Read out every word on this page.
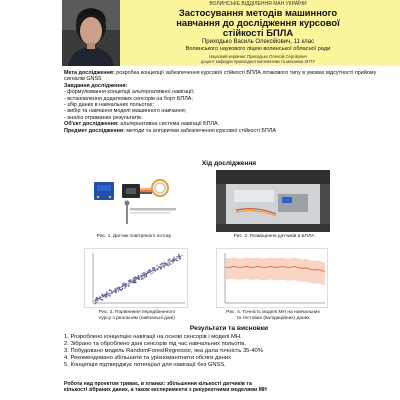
ВОЛИНСЬКЕ ВІДДІЛЕННЯ МАН УКРАЇНИ
Застосування методів машинного
навчання до дослідження курсової
стійкості БПЛА
Приходько Василь Олексійович, 11 клас
Волинського наукового ліцею волинської обласної ради
Науковий керівник: Приходько Олексій Сергійович
доцент кафедри прикладної математики та механіки ЗНТУ
Мета дослідження: розробка концепції забезпечення курсової стійкості БПЛА літакового типу в умовах відсутності прийому сигналів GNSS
Завдання дослідження:
- формулювання концепції альтернативної навігації;
- встановлення додаткових сенсорів на борт БПЛА;
- збір даних в навчальних польотах;
- вибір та навчання моделі машинного навчання;
- аналіз отриманих результатів.
Об'єкт дослідження: альтернативна система навігації БПЛА.
Предмет дослідження: методи та алгоритми забезпечення курсової стійкості БПЛА
Хід дослідження
Рис. 1. Датчик повітряного потоку	Рис. 2. Розміщення датчиків в БПЛА
Рис. 3. Порівняння передбаченого
курсу з реальним (навчальні дані)
Рис. 4. Точність моделі МН на навчальних
та тестових (валідаційних) даних
Результати та висновки
1. Розроблено концепцію навігації на основі сенсорів і моделі МН.
2. Зібрано та оброблено дані сенсорів під час навчальних польотів.
3. Побудовано модель RandomForestRegressor, яка дала точність 35-40%
4. Рекомендовано збільшити та урізноманітнити обсяги даних
5. Концепція підтверджує потенціал для навігації без GNSS.
Робота над проектом триває, в планах: збільшення кількості датчиків та
кількості зібраних даних, а також експерименти з рекурентними моделями МН
